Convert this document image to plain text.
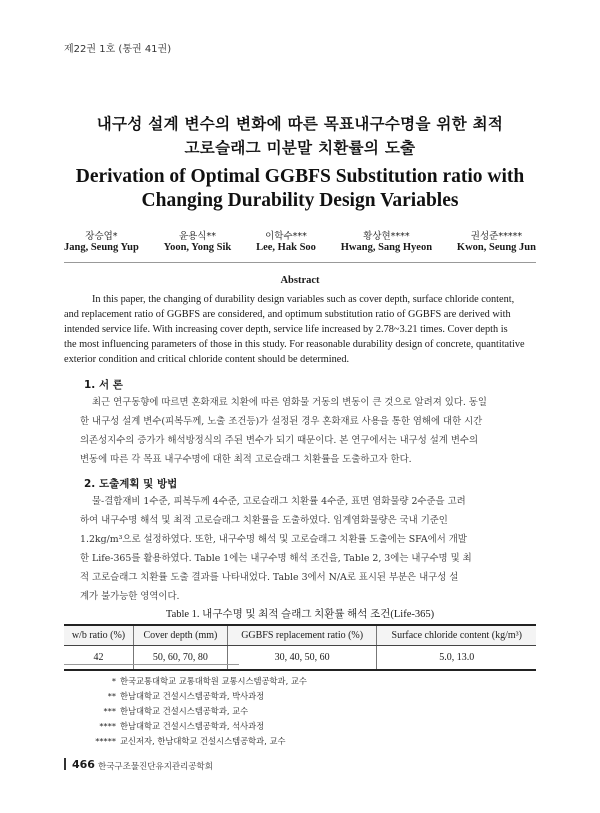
제22권 1호 (통권 41권)
내구성 설계 변수의 변화에 따른 목표내구수명을 위한 최적
고로슬래그 미분말 치환률의 도출
Derivation of Optimal GGBFS Substitution ratio with
Changing Durability Design Variables
장승엽*
Jang, Seung Yup
윤용식**
Yoon, Yong Sik
이학수***
Lee, Hak Soo
황상현****
Hwang, Sang Hyeon
권성준*****
Kwon, Seung Jun
Abstract
In this paper, the changing of durability design variables such as cover depth, surface chloride content,
and replacement ratio of GGBFS are considered, and optimum substitution ratio of GGBFS are derived with
intended service life. With increasing cover depth, service life increased by 2.78~3.21 times. Cover depth is
the most influencing parameters of those in this study. For reasonable durability design of concrete, quantitative
exterior condition and critical chloride content should be determined.
1. 서 론
최근 연구동향에 따르면 혼화재료 치환에 따른 염화물 거동의 변동이 큰 것으로 알려져 있다. 동일
한 내구성 설계 변수(피복두께, 노출 조건등)가 설정된 경우 혼화재료 사용을 통한 염해에 대한 시간
의존성지수의 증가가 해석방정식의 주된 변수가 되기 때문이다. 본 연구에서는 내구성 설계 변수의
변동에 따른 각 목표 내구수명에 대한 최적 고로슬래그 치환률을 도출하고자 한다.
2. 도출계획 및 방법
물-결합재비 1수준, 피복두께 4수준, 고로슬래그 치환률 4수준, 표면 염화물량 2수준을 고려
하여 내구수명 해석 및 최적 고로슬래그 치환률을 도출하였다. 임계염화물량은 국내 기준인
1.2kg/m³으로 설정하였다. 또한, 내구수명 해석 및 고로슬래그 치환률 도출에는 SFA에서 개발
한 Life-365를 활용하였다. Table 1에는 내구수명 해석 조건을, Table 2, 3에는 내구수명 및 최
적 고로슬래그 치환률 도출 결과를 나타내었다. Table 3에서 N/A로 표시된 부분은 내구성 설
계가 불가능한 영역이다.
Table 1. 내구수명 및 최적 슬래그 치환률 해석 조건(Life-365)
w/b ratio (%)	Cover depth (mm)	GGBFS replacement ratio (%)	Surface chloride content (kg/m³)
42	50, 60, 70, 80	30, 40, 50, 60	5.0, 13.0
* 한국교통대학교 교통대학원 교통시스템공학과, 교수
** 한남대학교 건설시스템공학과, 박사과정
*** 한남대학교 건설시스템공학과, 교수
**** 한남대학교 건설시스템공학과, 석사과정
***** 교신저자, 한남대학교 건설시스템공학과, 교수
466 한국구조물진단유지관리공학회
